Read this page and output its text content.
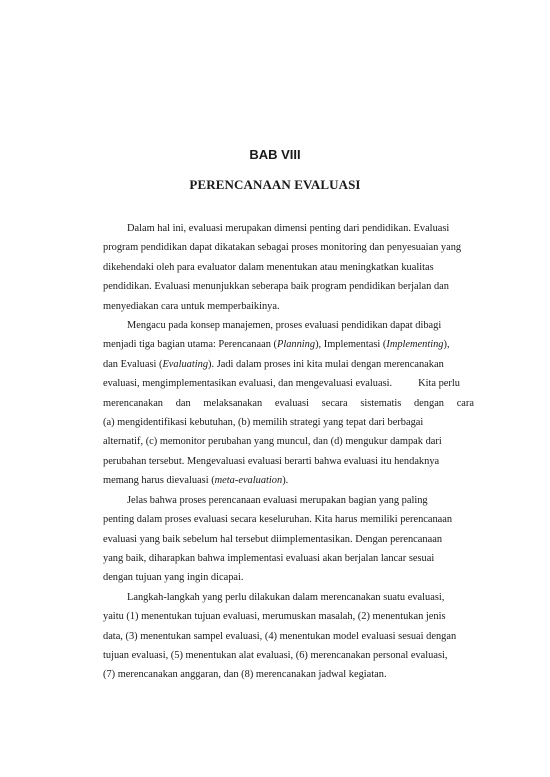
BAB VIII
PERENCANAAN EVALUASI
Dalam hal ini, evaluasi merupakan dimensi penting dari pendidikan. Evaluasi
program pendidikan dapat dikatakan sebagai proses monitoring dan penyesuaian yang
dikehendaki oleh para evaluator dalam menentukan atau meningkatkan kualitas
pendidikan. Evaluasi menunjukkan seberapa baik program pendidikan berjalan dan
menyediakan cara untuk memperbaikinya.
Mengacu pada konsep manajemen, proses evaluasi pendidikan dapat dibagi
menjadi tiga bagian utama: Perencanaan (Planning), Implementasi (Implementing),
dan Evaluasi (Evaluating). Jadi dalam proses ini kita mulai dengan merencanakan
evaluasi, mengimplementasikan evaluasi, dan mengevaluasi evaluasi.          Kita perlu
merencanakan dan melaksanakan evaluasi secara sistematis dengan cara
(a) mengidentifikasi kebutuhan, (b) memilih strategi yang tepat dari berbagai
alternatif, (c) memonitor perubahan yang muncul, dan (d) mengukur dampak dari
perubahan tersebut. Mengevaluasi evaluasi berarti bahwa evaluasi itu hendaknya
memang harus dievaluasi (meta-evaluation).
Jelas bahwa proses perencanaan evaluasi merupakan bagian yang paling
penting dalam proses evaluasi secara keseluruhan. Kita harus memiliki perencanaan
evaluasi yang baik sebelum hal tersebut diimplementasikan. Dengan perencanaan
yang baik, diharapkan bahwa implementasi evaluasi akan berjalan lancar sesuai
dengan tujuan yang ingin dicapai.
Langkah-langkah yang perlu dilakukan dalam merencanakan suatu evaluasi,
yaitu (1) menentukan tujuan evaluasi, merumuskan masalah, (2) menentukan jenis
data, (3) menentukan sampel evaluasi, (4) menentukan model evaluasi sesuai dengan
tujuan evaluasi, (5) menentukan alat evaluasi, (6) merencanakan personal evaluasi,
(7) merencanakan anggaran, dan (8) merencanakan jadwal kegiatan.
